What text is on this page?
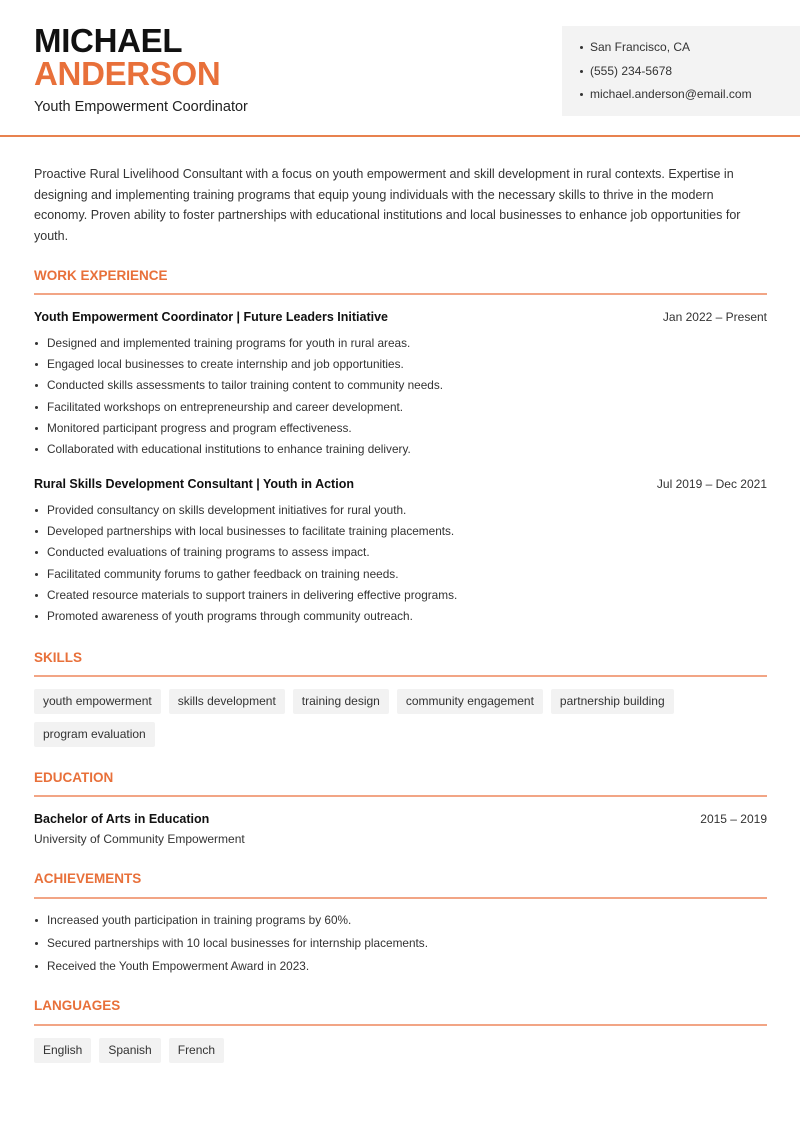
MICHAEL
ANDERSON
Youth Empowerment Coordinator
San Francisco, CA
(555) 234-5678
michael.anderson@email.com

Proactive Rural Livelihood Consultant with a focus on youth empowerment and skill development in rural contexts. Expertise in designing and implementing training programs that equip young individuals with the necessary skills to thrive in the modern economy. Proven ability to foster partnerships with educational institutions and local businesses to enhance job opportunities for youth.

WORK EXPERIENCE
Youth Empowerment Coordinator | Future Leaders Initiative	Jan 2022 – Present
Designed and implemented training programs for youth in rural areas.
Engaged local businesses to create internship and job opportunities.
Conducted skills assessments to tailor training content to community needs.
Facilitated workshops on entrepreneurship and career development.
Monitored participant progress and program effectiveness.
Collaborated with educational institutions to enhance training delivery.
Rural Skills Development Consultant | Youth in Action	Jul 2019 – Dec 2021
Provided consultancy on skills development initiatives for rural youth.
Developed partnerships with local businesses to facilitate training placements.
Conducted evaluations of training programs to assess impact.
Facilitated community forums to gather feedback on training needs.
Created resource materials to support trainers in delivering effective programs.
Promoted awareness of youth programs through community outreach.
SKILLS
youth empowerment	skills development	training design	community engagement	partnership building
program evaluation
EDUCATION
Bachelor of Arts in Education	2015 – 2019
University of Community Empowerment
ACHIEVEMENTS
Increased youth participation in training programs by 60%.
Secured partnerships with 10 local businesses for internship placements.
Received the Youth Empowerment Award in 2023.
LANGUAGES
English	Spanish	French
